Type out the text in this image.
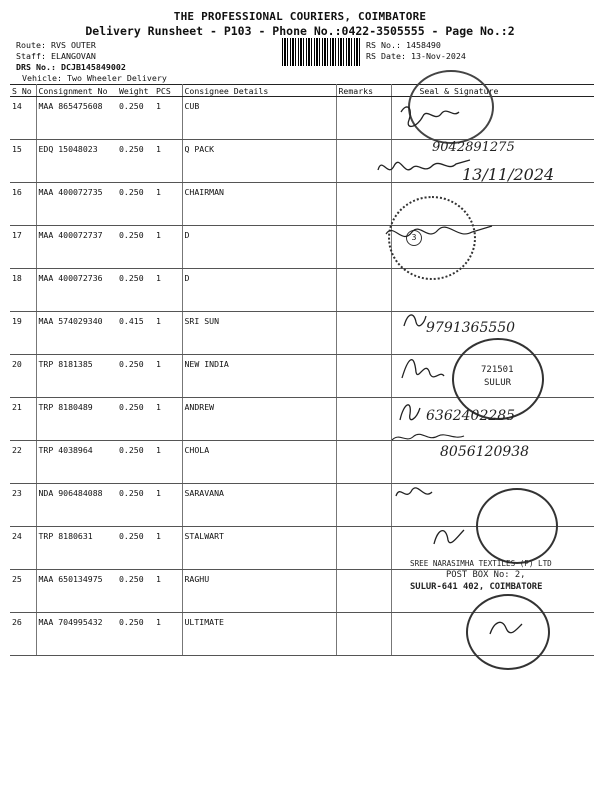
THE PROFESSIONAL COURIERS, COIMBATORE
Delivery Runsheet - P103 - Phone No.:0422-3505555 - Page No.:2
Route: RVS OUTER
Staff: ELANGOVAN
DRS No.: DCJB145849002
Vehicle: Two Wheeler Delivery
RS No.: 1458490
RS Date: 13-Nov-2024
S No	Consignment No	Weight	PCS	Consignee Details	Remarks	Seal & Signature
14	MAA 865475608	0.250	1	CUB		
15	EDQ 15048023	0.250	1	Q PACK		
16	MAA 400072735	0.250	1	CHAIRMAN		
17	MAA 400072737	0.250	1	D		
18	MAA 400072736	0.250	1	D		
19	MAA 574029340	0.415	1	SRI SUN		
20	TRP 8181385	0.250	1	NEW INDIA		
21	TRP 8180489	0.250	1	ANDREW		
22	TRP 4038964	0.250	1	CHOLA		
23	NDA 906484088	0.250	1	SARAVANA		
24	TRP 8180631	0.250	1	STALWART		
25	MAA 650134975	0.250	1	RAGHU		
26	MAA 704995432	0.250	1	ULTIMATE		
9042891275
13/11/2024
3
9791365550
721501
SULUR
6362402285
8056120938
SREE NARASIMHA TEXTILES (P) LTD
POST BOX No: 2,
SULUR-641 402, COIMBATORE
